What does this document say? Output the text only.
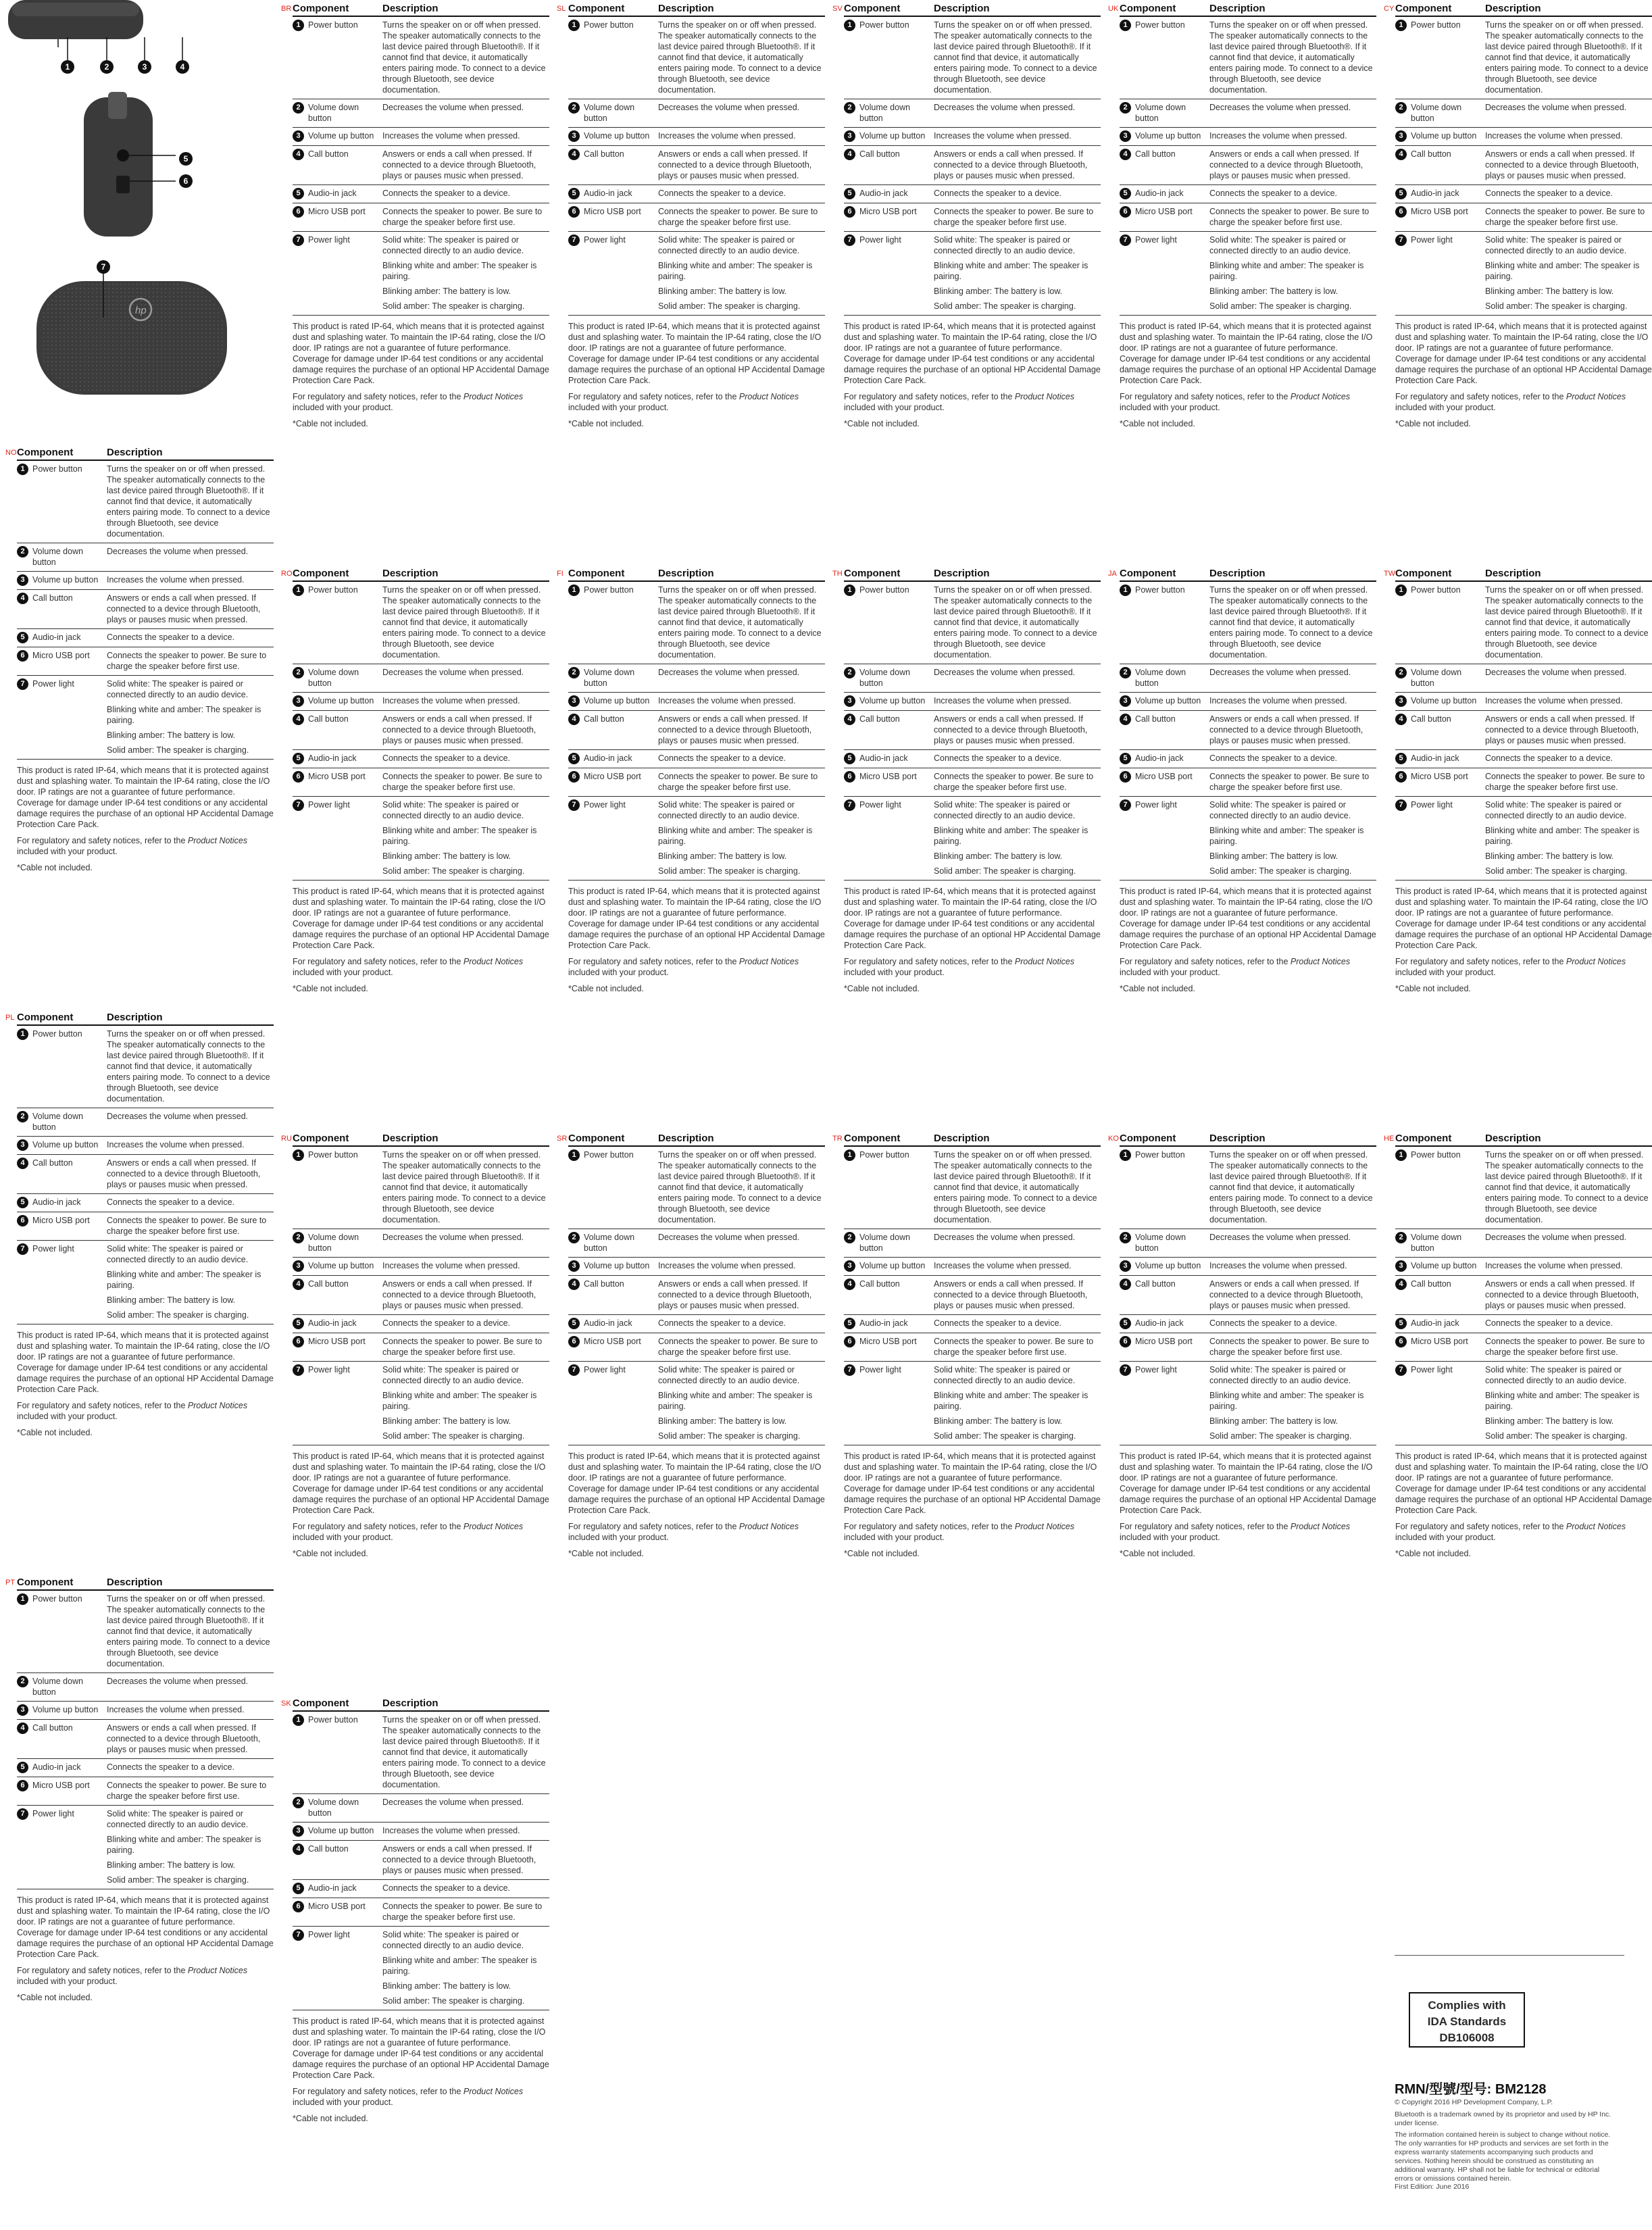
1	2	3	4
5
6
7
hp
Complies with
IDA Standards
DB106008
RMN/型號/型号: BM2128
© Copyright 2016 HP Development Company, L.P.
Bluetooth is a trademark owned by its proprietor and used by HP Inc. under license.
The information contained herein is subject to change without notice. The only warranties for HP products and services are set forth in the express warranty statements accompanying such products and services. Nothing herein should be construed as constituting an additional warranty. HP shall not be liable for technical or editorial errors or omissions contained herein.
First Edition: June 2016
NO Component	Description
1 Power button	Turns the speaker on or off when pressed. The speaker automatically connects to the last device paired through Bluetooth®. If it cannot find that device, it automatically enters pairing mode. To connect to a device through Bluetooth, see device documentation.

2 Volume down button

Decreases the volume when pressed.

3 Volume up button	Increases the volume when pressed.

4 Call button	Answers or ends a call when pressed. If connected to a device through Bluetooth, plays or pauses music when pressed.

5 Audio-in jack	Connects the speaker to a device.

6 Micro USB port	Connects the speaker to power. Be sure to charge the speaker before first use.

7 Power light	Solid white: The speaker is paired or connected directly to an audio device.

Blinking white and amber: The speaker is pairing.

Blinking amber: The battery is low.

Solid amber: The speaker is charging.

This product is rated IP-64, which means that it is protected against dust and splashing water. To maintain the IP-64 rating, close the I/O door. IP ratings are not a guarantee of future performance. Coverage for damage under IP-64 test conditions or any accidental damage requires the purchase of an optional HP Accidental Damage Protection Care Pack.

For regulatory and safety notices, refer to the Product Notices included with your product.

*Cable not included.

PL Component	Description
1 Power button	Turns the speaker on or off when pressed. The speaker automatically connects to the last device paired through Bluetooth®. If it cannot find that device, it automatically enters pairing mode. To connect to a device through Bluetooth, see device documentation.

2 Volume down button

Decreases the volume when pressed.

3 Volume up button	Increases the volume when pressed.

4 Call button	Answers or ends a call when pressed. If connected to a device through Bluetooth, plays or pauses music when pressed.

5 Audio-in jack	Connects the speaker to a device.

6 Micro USB port	Connects the speaker to power. Be sure to charge the speaker before first use.

7 Power light	Solid white: The speaker is paired or connected directly to an audio device.

Blinking white and amber: The speaker is pairing.

Blinking amber: The battery is low.

Solid amber: The speaker is charging.

This product is rated IP-64, which means that it is protected against dust and splashing water. To maintain the IP-64 rating, close the I/O door. IP ratings are not a guarantee of future performance. Coverage for damage under IP-64 test conditions or any accidental damage requires the purchase of an optional HP Accidental Damage Protection Care Pack.

For regulatory and safety notices, refer to the Product Notices included with your product.

*Cable not included.

PT Component	Description
1 Power button	Turns the speaker on or off when pressed. The speaker automatically connects to the last device paired through Bluetooth®. If it cannot find that device, it automatically enters pairing mode. To connect to a device through Bluetooth, see device documentation.

2 Volume down button

Decreases the volume when pressed.

3 Volume up button	Increases the volume when pressed.

4 Call button	Answers or ends a call when pressed. If connected to a device through Bluetooth, plays or pauses music when pressed.

5 Audio-in jack	Connects the speaker to a device.

6 Micro USB port	Connects the speaker to power. Be sure to charge the speaker before first use.

7 Power light	Solid white: The speaker is paired or connected directly to an audio device.

Blinking white and amber: The speaker is pairing.

Blinking amber: The battery is low.

Solid amber: The speaker is charging.

This product is rated IP-64, which means that it is protected against dust and splashing water. To maintain the IP-64 rating, close the I/O door. IP ratings are not a guarantee of future performance. Coverage for damage under IP-64 test conditions or any accidental damage requires the purchase of an optional HP Accidental Damage Protection Care Pack.

For regulatory and safety notices, refer to the Product Notices included with your product.

*Cable not included.

BR Component	Description
1 Power button	Turns the speaker on or off when pressed. The speaker automatically connects to the last device paired through Bluetooth®. If it cannot find that device, it automatically enters pairing mode. To connect to a device through Bluetooth, see device documentation.

2 Volume down button

Decreases the volume when pressed.

3 Volume up button	Increases the volume when pressed.

4 Call button	Answers or ends a call when pressed. If connected to a device through Bluetooth, plays or pauses music when pressed.

5 Audio-in jack	Connects the speaker to a device.

6 Micro USB port	Connects the speaker to power. Be sure to charge the speaker before first use.

7 Power light	Solid white: The speaker is paired or connected directly to an audio device.

Blinking white and amber: The speaker is pairing.

Blinking amber: The battery is low.

Solid amber: The speaker is charging.

This product is rated IP-64, which means that it is protected against dust and splashing water. To maintain the IP-64 rating, close the I/O door. IP ratings are not a guarantee of future performance. Coverage for damage under IP-64 test conditions or any accidental damage requires the purchase of an optional HP Accidental Damage Protection Care Pack.

For regulatory and safety notices, refer to the Product Notices included with your product.

*Cable not included.

SL Component	Description
1 Power button	Turns the speaker on or off when pressed. The speaker automatically connects to the last device paired through Bluetooth®. If it cannot find that device, it automatically enters pairing mode. To connect to a device through Bluetooth, see device documentation.

2 Volume down button

Decreases the volume when pressed.

3 Volume up button	Increases the volume when pressed.

4 Call button	Answers or ends a call when pressed. If connected to a device through Bluetooth, plays or pauses music when pressed.

5 Audio-in jack	Connects the speaker to a device.

6 Micro USB port	Connects the speaker to power. Be sure to charge the speaker before first use.

7 Power light	Solid white: The speaker is paired or connected directly to an audio device.

Blinking white and amber: The speaker is pairing.

Blinking amber: The battery is low.

Solid amber: The speaker is charging.

This product is rated IP-64, which means that it is protected against dust and splashing water. To maintain the IP-64 rating, close the I/O door. IP ratings are not a guarantee of future performance. Coverage for damage under IP-64 test conditions or any accidental damage requires the purchase of an optional HP Accidental Damage Protection Care Pack.

For regulatory and safety notices, refer to the Product Notices included with your product.

*Cable not included.

SV Component	Description
1 Power button	Turns the speaker on or off when pressed. The speaker automatically connects to the last device paired through Bluetooth®. If it cannot find that device, it automatically enters pairing mode. To connect to a device through Bluetooth, see device documentation.

2 Volume down button

Decreases the volume when pressed.

3 Volume up button	Increases the volume when pressed.

4 Call button	Answers or ends a call when pressed. If connected to a device through Bluetooth, plays or pauses music when pressed.

5 Audio-in jack	Connects the speaker to a device.

6 Micro USB port	Connects the speaker to power. Be sure to charge the speaker before first use.

7 Power light	Solid white: The speaker is paired or connected directly to an audio device.

Blinking white and amber: The speaker is pairing.

Blinking amber: The battery is low.

Solid amber: The speaker is charging.

This product is rated IP-64, which means that it is protected against dust and splashing water. To maintain the IP-64 rating, close the I/O door. IP ratings are not a guarantee of future performance. Coverage for damage under IP-64 test conditions or any accidental damage requires the purchase of an optional HP Accidental Damage Protection Care Pack.

For regulatory and safety notices, refer to the Product Notices included with your product.

*Cable not included.

UK Component	Description
1 Power button	Turns the speaker on or off when pressed. The speaker automatically connects to the last device paired through Bluetooth®. If it cannot find that device, it automatically enters pairing mode. To connect to a device through Bluetooth, see device documentation.

2 Volume down button

Decreases the volume when pressed.

3 Volume up button	Increases the volume when pressed.

4 Call button	Answers or ends a call when pressed. If connected to a device through Bluetooth, plays or pauses music when pressed.

5 Audio-in jack	Connects the speaker to a device.

6 Micro USB port	Connects the speaker to power. Be sure to charge the speaker before first use.

7 Power light	Solid white: The speaker is paired or connected directly to an audio device.

Blinking white and amber: The speaker is pairing.

Blinking amber: The battery is low.

Solid amber: The speaker is charging.

This product is rated IP-64, which means that it is protected against dust and splashing water. To maintain the IP-64 rating, close the I/O door. IP ratings are not a guarantee of future performance. Coverage for damage under IP-64 test conditions or any accidental damage requires the purchase of an optional HP Accidental Damage Protection Care Pack.

For regulatory and safety notices, refer to the Product Notices included with your product.

*Cable not included.

CY Component	Description
1 Power button	Turns the speaker on or off when pressed. The speaker automatically connects to the last device paired through Bluetooth®. If it cannot find that device, it automatically enters pairing mode. To connect to a device through Bluetooth, see device documentation.

2 Volume down button

Decreases the volume when pressed.

3 Volume up button	Increases the volume when pressed.

4 Call button	Answers or ends a call when pressed. If connected to a device through Bluetooth, plays or pauses music when pressed.

5 Audio-in jack	Connects the speaker to a device.

6 Micro USB port	Connects the speaker to power. Be sure to charge the speaker before first use.

7 Power light	Solid white: The speaker is paired or connected directly to an audio device.

Blinking white and amber: The speaker is pairing.

Blinking amber: The battery is low.

Solid amber: The speaker is charging.

This product is rated IP-64, which means that it is protected against dust and splashing water. To maintain the IP-64 rating, close the I/O door. IP ratings are not a guarantee of future performance. Coverage for damage under IP-64 test conditions or any accidental damage requires the purchase of an optional HP Accidental Damage Protection Care Pack.

For regulatory and safety notices, refer to the Product Notices included with your product.

*Cable not included.

RO Component	Description
1 Power button	Turns the speaker on or off when pressed. The speaker automatically connects to the last device paired through Bluetooth®. If it cannot find that device, it automatically enters pairing mode. To connect to a device through Bluetooth, see device documentation.

2 Volume down button

Decreases the volume when pressed.

3 Volume up button	Increases the volume when pressed.

4 Call button	Answers or ends a call when pressed. If connected to a device through Bluetooth, plays or pauses music when pressed.

5 Audio-in jack	Connects the speaker to a device.

6 Micro USB port	Connects the speaker to power. Be sure to charge the speaker before first use.

7 Power light	Solid white: The speaker is paired or connected directly to an audio device.

Blinking white and amber: The speaker is pairing.

Blinking amber: The battery is low.

Solid amber: The speaker is charging.

This product is rated IP-64, which means that it is protected against dust and splashing water. To maintain the IP-64 rating, close the I/O door. IP ratings are not a guarantee of future performance. Coverage for damage under IP-64 test conditions or any accidental damage requires the purchase of an optional HP Accidental Damage Protection Care Pack.

For regulatory and safety notices, refer to the Product Notices included with your product.

*Cable not included.

FI Component	Description
1 Power button	Turns the speaker on or off when pressed. The speaker automatically connects to the last device paired through Bluetooth®. If it cannot find that device, it automatically enters pairing mode. To connect to a device through Bluetooth, see device documentation.

2 Volume down button

Decreases the volume when pressed.

3 Volume up button	Increases the volume when pressed.

4 Call button	Answers or ends a call when pressed. If connected to a device through Bluetooth, plays or pauses music when pressed.

5 Audio-in jack	Connects the speaker to a device.

6 Micro USB port	Connects the speaker to power. Be sure to charge the speaker before first use.

7 Power light	Solid white: The speaker is paired or connected directly to an audio device.

Blinking white and amber: The speaker is pairing.

Blinking amber: The battery is low.

Solid amber: The speaker is charging.

This product is rated IP-64, which means that it is protected against dust and splashing water. To maintain the IP-64 rating, close the I/O door. IP ratings are not a guarantee of future performance. Coverage for damage under IP-64 test conditions or any accidental damage requires the purchase of an optional HP Accidental Damage Protection Care Pack.

For regulatory and safety notices, refer to the Product Notices included with your product.

*Cable not included.

TH Component	Description
1 Power button	Turns the speaker on or off when pressed. The speaker automatically connects to the last device paired through Bluetooth®. If it cannot find that device, it automatically enters pairing mode. To connect to a device through Bluetooth, see device documentation.

2 Volume down button

Decreases the volume when pressed.

3 Volume up button	Increases the volume when pressed.

4 Call button	Answers or ends a call when pressed. If connected to a device through Bluetooth, plays or pauses music when pressed.

5 Audio-in jack	Connects the speaker to a device.

6 Micro USB port	Connects the speaker to power. Be sure to charge the speaker before first use.

7 Power light	Solid white: The speaker is paired or connected directly to an audio device.

Blinking white and amber: The speaker is pairing.

Blinking amber: The battery is low.

Solid amber: The speaker is charging.

This product is rated IP-64, which means that it is protected against dust and splashing water. To maintain the IP-64 rating, close the I/O door. IP ratings are not a guarantee of future performance. Coverage for damage under IP-64 test conditions or any accidental damage requires the purchase of an optional HP Accidental Damage Protection Care Pack.

For regulatory and safety notices, refer to the Product Notices included with your product.

*Cable not included.

JA Component	Description
1 Power button	Turns the speaker on or off when pressed. The speaker automatically connects to the last device paired through Bluetooth®. If it cannot find that device, it automatically enters pairing mode. To connect to a device through Bluetooth, see device documentation.

2 Volume down button

Decreases the volume when pressed.

3 Volume up button	Increases the volume when pressed.

4 Call button	Answers or ends a call when pressed. If connected to a device through Bluetooth, plays or pauses music when pressed.

5 Audio-in jack	Connects the speaker to a device.

6 Micro USB port	Connects the speaker to power. Be sure to charge the speaker before first use.

7 Power light	Solid white: The speaker is paired or connected directly to an audio device.

Blinking white and amber: The speaker is pairing.

Blinking amber: The battery is low.

Solid amber: The speaker is charging.

This product is rated IP-64, which means that it is protected against dust and splashing water. To maintain the IP-64 rating, close the I/O door. IP ratings are not a guarantee of future performance. Coverage for damage under IP-64 test conditions or any accidental damage requires the purchase of an optional HP Accidental Damage Protection Care Pack.

For regulatory and safety notices, refer to the Product Notices included with your product.

*Cable not included.

TW Component	Description
1 Power button	Turns the speaker on or off when pressed. The speaker automatically connects to the last device paired through Bluetooth®. If it cannot find that device, it automatically enters pairing mode. To connect to a device through Bluetooth, see device documentation.

2 Volume down button

Decreases the volume when pressed.

3 Volume up button	Increases the volume when pressed.

4 Call button	Answers or ends a call when pressed. If connected to a device through Bluetooth, plays or pauses music when pressed.

5 Audio-in jack	Connects the speaker to a device.

6 Micro USB port	Connects the speaker to power. Be sure to charge the speaker before first use.

7 Power light	Solid white: The speaker is paired or connected directly to an audio device.

Blinking white and amber: The speaker is pairing.

Blinking amber: The battery is low.

Solid amber: The speaker is charging.

This product is rated IP-64, which means that it is protected against dust and splashing water. To maintain the IP-64 rating, close the I/O door. IP ratings are not a guarantee of future performance. Coverage for damage under IP-64 test conditions or any accidental damage requires the purchase of an optional HP Accidental Damage Protection Care Pack.

For regulatory and safety notices, refer to the Product Notices included with your product.

*Cable not included.

RU Component	Description
1 Power button	Turns the speaker on or off when pressed. The speaker automatically connects to the last device paired through Bluetooth®. If it cannot find that device, it automatically enters pairing mode. To connect to a device through Bluetooth, see device documentation.

2 Volume down button

Decreases the volume when pressed.

3 Volume up button	Increases the volume when pressed.

4 Call button	Answers or ends a call when pressed. If connected to a device through Bluetooth, plays or pauses music when pressed.

5 Audio-in jack	Connects the speaker to a device.

6 Micro USB port	Connects the speaker to power. Be sure to charge the speaker before first use.

7 Power light	Solid white: The speaker is paired or connected directly to an audio device.

Blinking white and amber: The speaker is pairing.

Blinking amber: The battery is low.

Solid amber: The speaker is charging.

This product is rated IP-64, which means that it is protected against dust and splashing water. To maintain the IP-64 rating, close the I/O door. IP ratings are not a guarantee of future performance. Coverage for damage under IP-64 test conditions or any accidental damage requires the purchase of an optional HP Accidental Damage Protection Care Pack.

For regulatory and safety notices, refer to the Product Notices included with your product.

*Cable not included.

SR Component	Description
1 Power button	Turns the speaker on or off when pressed. The speaker automatically connects to the last device paired through Bluetooth®. If it cannot find that device, it automatically enters pairing mode. To connect to a device through Bluetooth, see device documentation.

2 Volume down button

Decreases the volume when pressed.

3 Volume up button	Increases the volume when pressed.

4 Call button	Answers or ends a call when pressed. If connected to a device through Bluetooth, plays or pauses music when pressed.

5 Audio-in jack	Connects the speaker to a device.

6 Micro USB port	Connects the speaker to power. Be sure to charge the speaker before first use.

7 Power light	Solid white: The speaker is paired or connected directly to an audio device.

Blinking white and amber: The speaker is pairing.

Blinking amber: The battery is low.

Solid amber: The speaker is charging.

This product is rated IP-64, which means that it is protected against dust and splashing water. To maintain the IP-64 rating, close the I/O door. IP ratings are not a guarantee of future performance. Coverage for damage under IP-64 test conditions or any accidental damage requires the purchase of an optional HP Accidental Damage Protection Care Pack.

For regulatory and safety notices, refer to the Product Notices included with your product.

*Cable not included.

TR Component	Description
1 Power button	Turns the speaker on or off when pressed. The speaker automatically connects to the last device paired through Bluetooth®. If it cannot find that device, it automatically enters pairing mode. To connect to a device through Bluetooth, see device documentation.

2 Volume down button

Decreases the volume when pressed.

3 Volume up button	Increases the volume when pressed.

4 Call button	Answers or ends a call when pressed. If connected to a device through Bluetooth, plays or pauses music when pressed.

5 Audio-in jack	Connects the speaker to a device.

6 Micro USB port	Connects the speaker to power. Be sure to charge the speaker before first use.

7 Power light	Solid white: The speaker is paired or connected directly to an audio device.

Blinking white and amber: The speaker is pairing.

Blinking amber: The battery is low.

Solid amber: The speaker is charging.

This product is rated IP-64, which means that it is protected against dust and splashing water. To maintain the IP-64 rating, close the I/O door. IP ratings are not a guarantee of future performance. Coverage for damage under IP-64 test conditions or any accidental damage requires the purchase of an optional HP Accidental Damage Protection Care Pack.

For regulatory and safety notices, refer to the Product Notices included with your product.

*Cable not included.

KO Component	Description
1 Power button	Turns the speaker on or off when pressed. The speaker automatically connects to the last device paired through Bluetooth®. If it cannot find that device, it automatically enters pairing mode. To connect to a device through Bluetooth, see device documentation.

2 Volume down button

Decreases the volume when pressed.

3 Volume up button	Increases the volume when pressed.

4 Call button	Answers or ends a call when pressed. If connected to a device through Bluetooth, plays or pauses music when pressed.

5 Audio-in jack	Connects the speaker to a device.

6 Micro USB port	Connects the speaker to power. Be sure to charge the speaker before first use.

7 Power light	Solid white: The speaker is paired or connected directly to an audio device.

Blinking white and amber: The speaker is pairing.

Blinking amber: The battery is low.

Solid amber: The speaker is charging.

This product is rated IP-64, which means that it is protected against dust and splashing water. To maintain the IP-64 rating, close the I/O door. IP ratings are not a guarantee of future performance. Coverage for damage under IP-64 test conditions or any accidental damage requires the purchase of an optional HP Accidental Damage Protection Care Pack.

For regulatory and safety notices, refer to the Product Notices included with your product.

*Cable not included.

HE Component	Description
1 Power button	Turns the speaker on or off when pressed. The speaker automatically connects to the last device paired through Bluetooth®. If it cannot find that device, it automatically enters pairing mode. To connect to a device through Bluetooth, see device documentation.

2 Volume down button

Decreases the volume when pressed.

3 Volume up button	Increases the volume when pressed.

4 Call button	Answers or ends a call when pressed. If connected to a device through Bluetooth, plays or pauses music when pressed.

5 Audio-in jack	Connects the speaker to a device.

6 Micro USB port	Connects the speaker to power. Be sure to charge the speaker before first use.

7 Power light	Solid white: The speaker is paired or connected directly to an audio device.

Blinking white and amber: The speaker is pairing.

Blinking amber: The battery is low.

Solid amber: The speaker is charging.

This product is rated IP-64, which means that it is protected against dust and splashing water. To maintain the IP-64 rating, close the I/O door. IP ratings are not a guarantee of future performance. Coverage for damage under IP-64 test conditions or any accidental damage requires the purchase of an optional HP Accidental Damage Protection Care Pack.

For regulatory and safety notices, refer to the Product Notices included with your product.

*Cable not included.

SK Component	Description
1 Power button	Turns the speaker on or off when pressed. The speaker automatically connects to the last device paired through Bluetooth®. If it cannot find that device, it automatically enters pairing mode. To connect to a device through Bluetooth, see device documentation.

2 Volume down button

Decreases the volume when pressed.

3 Volume up button	Increases the volume when pressed.

4 Call button	Answers or ends a call when pressed. If connected to a device through Bluetooth, plays or pauses music when pressed.

5 Audio-in jack	Connects the speaker to a device.

6 Micro USB port	Connects the speaker to power. Be sure to charge the speaker before first use.

7 Power light	Solid white: The speaker is paired or connected directly to an audio device.

Blinking white and amber: The speaker is pairing.

Blinking amber: The battery is low.

Solid amber: The speaker is charging.

This product is rated IP-64, which means that it is protected against dust and splashing water. To maintain the IP-64 rating, close the I/O door. IP ratings are not a guarantee of future performance. Coverage for damage under IP-64 test conditions or any accidental damage requires the purchase of an optional HP Accidental Damage Protection Care Pack.

For regulatory and safety notices, refer to the Product Notices included with your product.

*Cable not included.
